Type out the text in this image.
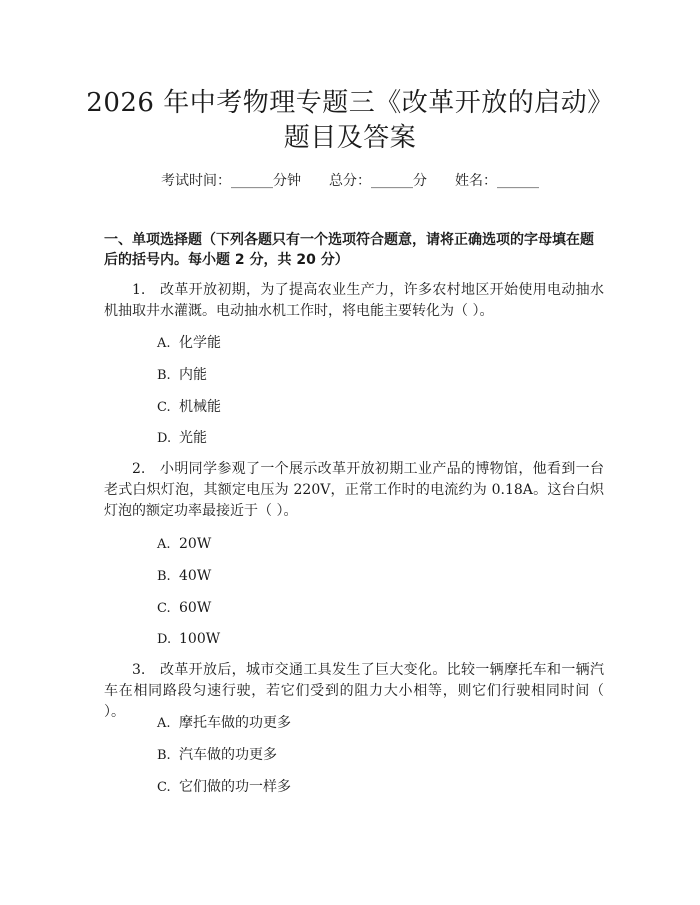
2026 年中考物理专题三《改革开放的启动》
题目及答案
考试时间：______分钟　　总分：______分　　姓名：______
一、单项选择题（下列各题只有一个选项符合题意，请将正确选项的字母填在题后的括号内。每小题 2 分，共 20 分）
1.　改革开放初期，为了提高农业生产力，许多农村地区开始使用电动抽水机抽取井水灌溉。电动抽水机工作时，将电能主要转化为（ ）。
A. 化学能
B. 内能
C. 机械能
D. 光能
2.　小明同学参观了一个展示改革开放初期工业产品的博物馆，他看到一台老式白炽灯泡，其额定电压为 220V，正常工作时的电流约为 0.18A。这台白炽灯泡的额定功率最接近于（ ）。
A. 20W
B. 40W
C. 60W
D. 100W
3.　改革开放后，城市交通工具发生了巨大变化。比较一辆摩托车和一辆汽车在相同路段匀速行驶，若它们受到的阻力大小相等，则它们行驶相同时间（ ）。
A. 摩托车做的功更多
B. 汽车做的功更多
C. 它们做的功一样多
